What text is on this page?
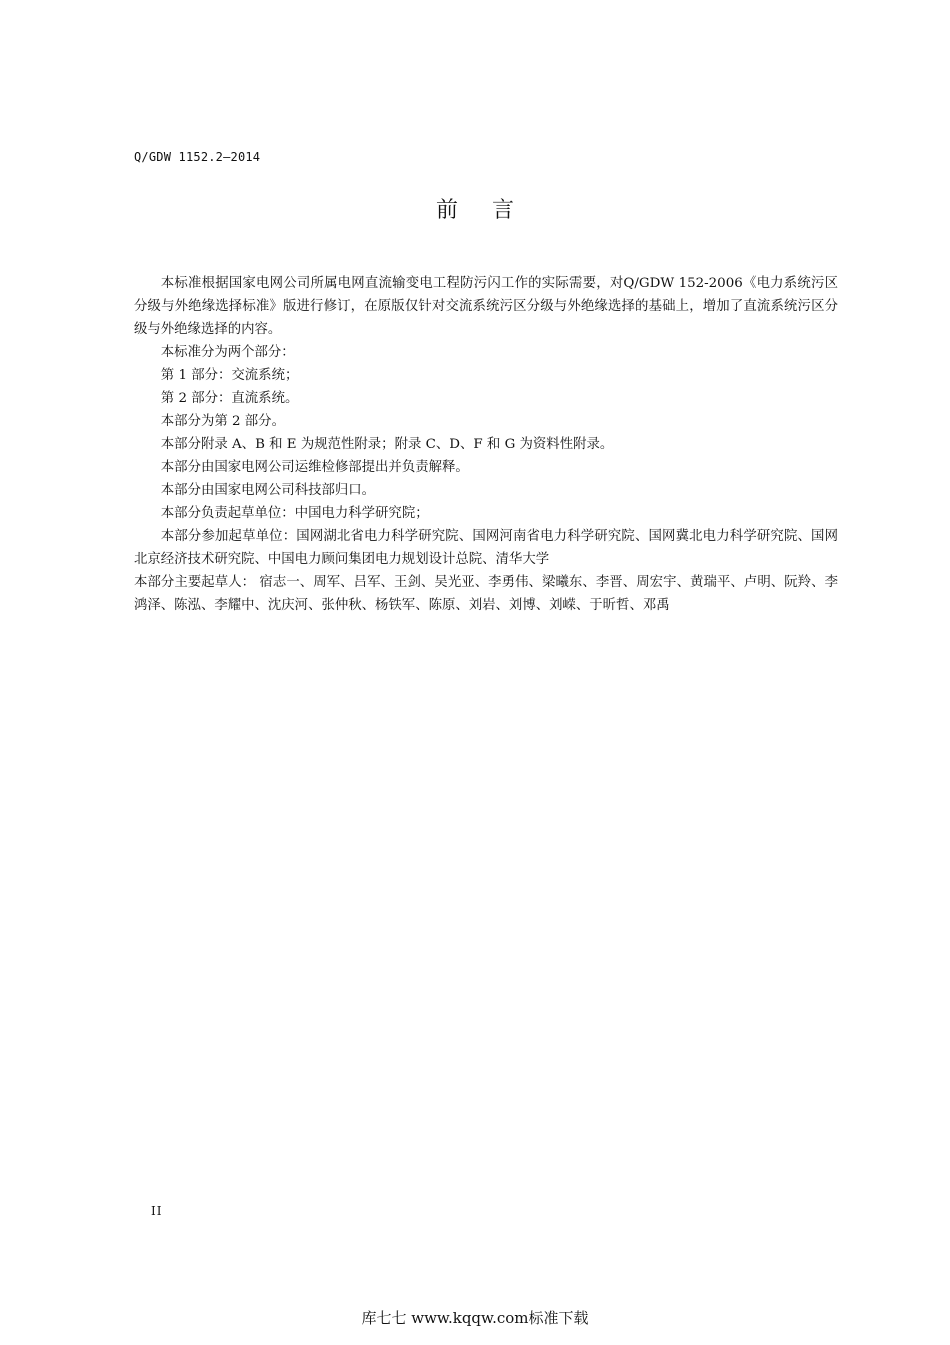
Q/GDW 1152.2—2014
前言

本标准根据国家电网公司所属电网直流输变电工程防污闪工作的实际需要，对Q/GDW 152-2006《电力系统污区分级与外绝缘选择标准》版进行修订，在原版仅针对交流系统污区分级与外绝缘选择的基础上，增加了直流系统污区分级与外绝缘选择的内容。

本标准分为两个部分：

第 1 部分：交流系统；

第 2 部分：直流系统。

本部分为第 2 部分。

本部分附录 A、B 和 E 为规范性附录；附录 C、D、F 和 G 为资料性附录。

本部分由国家电网公司运维检修部提出并负责解释。

本部分由国家电网公司科技部归口。

本部分负责起草单位：中国电力科学研究院；

本部分参加起草单位：国网湖北省电力科学研究院、国网河南省电力科学研究院、国网冀北电力科学研究院、国网北京经济技术研究院、中国电力顾问集团电力规划设计总院、清华大学

本部分主要起草人： 宿志一、周军、吕军、王剑、吴光亚、李勇伟、梁曦东、李晋、周宏宇、黄瑞平、卢明、阮羚、李鸿泽、陈泓、李耀中、沈庆河、张仲秋、杨铁军、陈原、刘岩、刘博、刘嵘、于昕哲、邓禹

II
库七七 www.kqqw.com标准下载
